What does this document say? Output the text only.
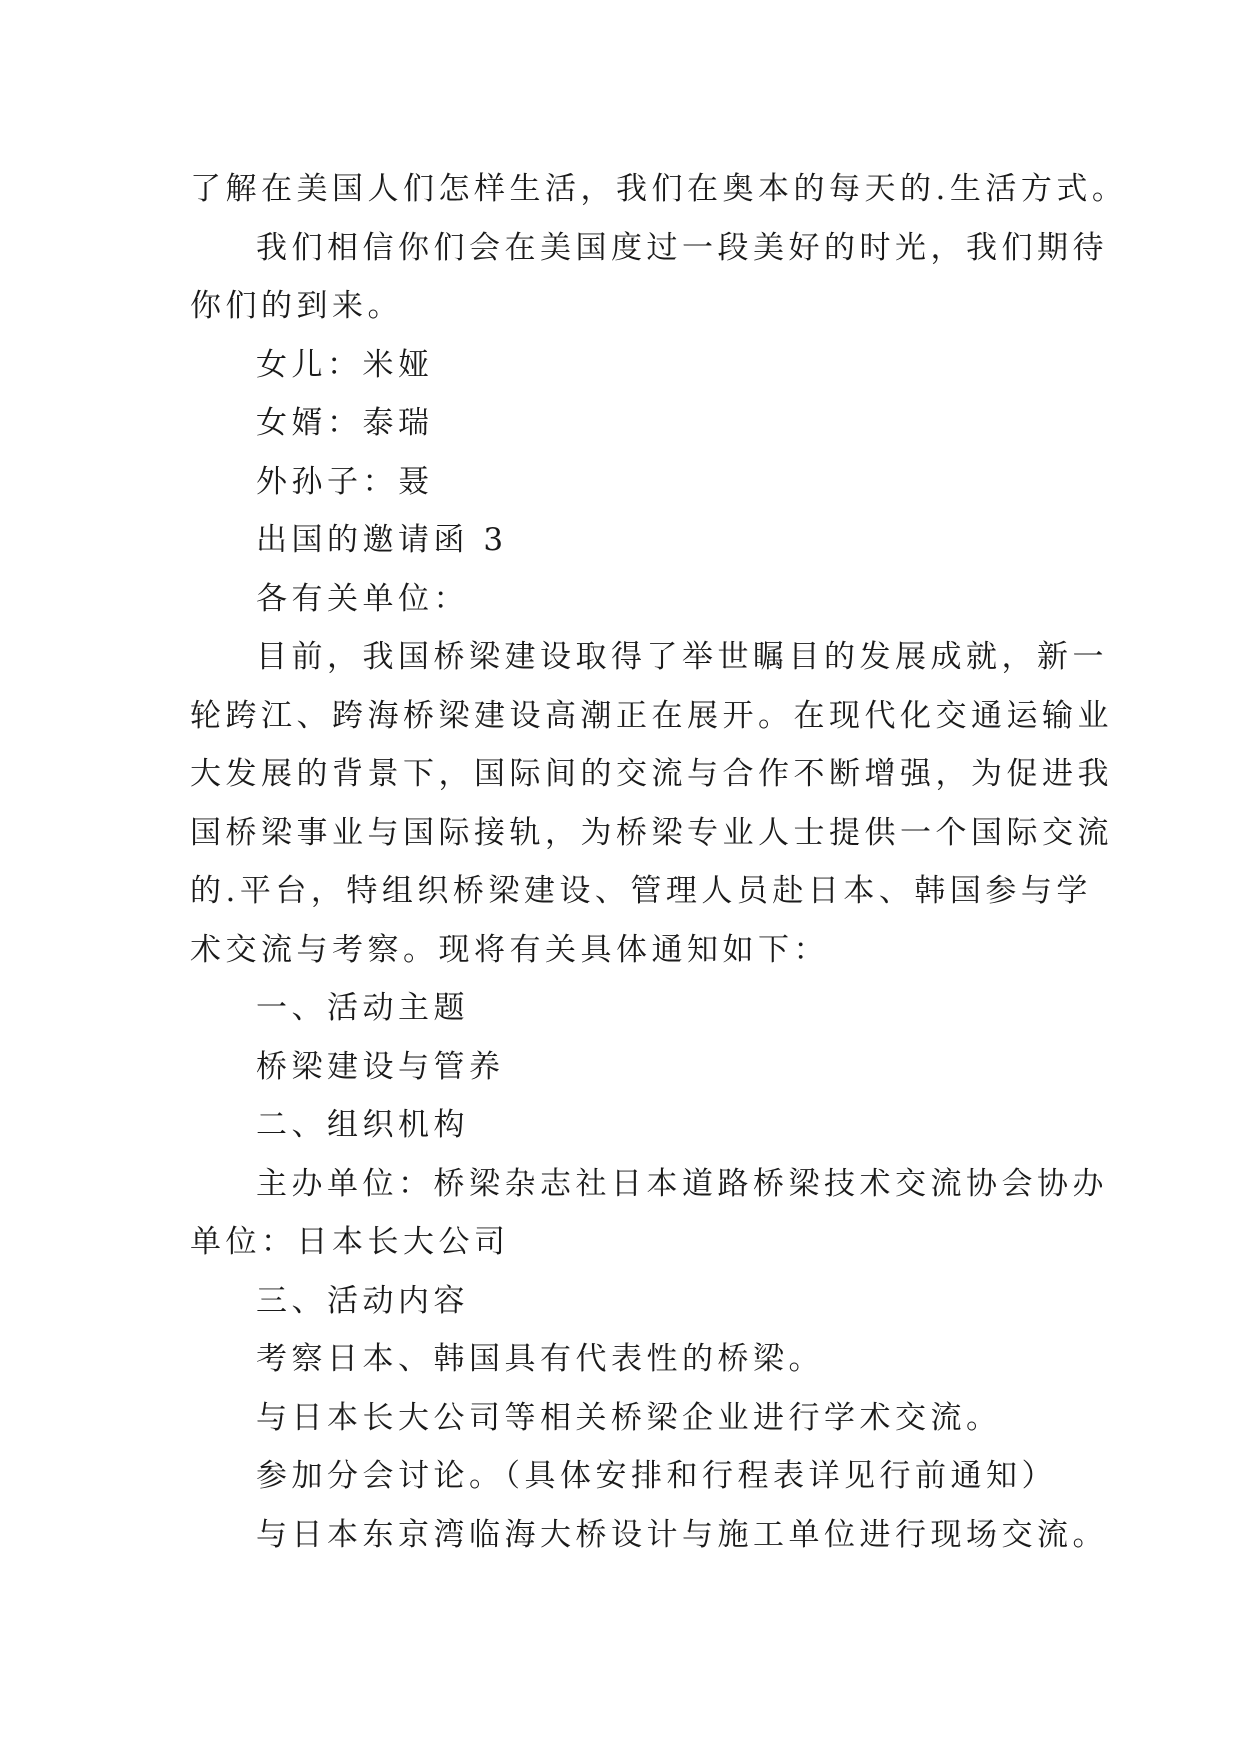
了解在美国人们怎样生活，我们在奥本的每天的.生活方式。

我们相信你们会在美国度过一段美好的时光，我们期待

你们的到来。

女儿：米娅

女婿：泰瑞

外孙子：聂

出国的邀请函 3

各有关单位：

目前，我国桥梁建设取得了举世瞩目的发展成就，新一

轮跨江、跨海桥梁建设高潮正在展开。在现代化交通运输业

大发展的背景下，国际间的交流与合作不断增强，为促进我

国桥梁事业与国际接轨，为桥梁专业人士提供一个国际交流

的.平台，特组织桥梁建设、管理人员赴日本、韩国参与学

术交流与考察。现将有关具体通知如下：

一、活动主题

桥梁建设与管养

二、组织机构

主办单位：桥梁杂志社日本道路桥梁技术交流协会协办

单位：日本长大公司

三、活动内容

考察日本、韩国具有代表性的桥梁。

与日本长大公司等相关桥梁企业进行学术交流。

参加分会讨论。（具体安排和行程表详见行前通知）

与日本东京湾临海大桥设计与施工单位进行现场交流。
